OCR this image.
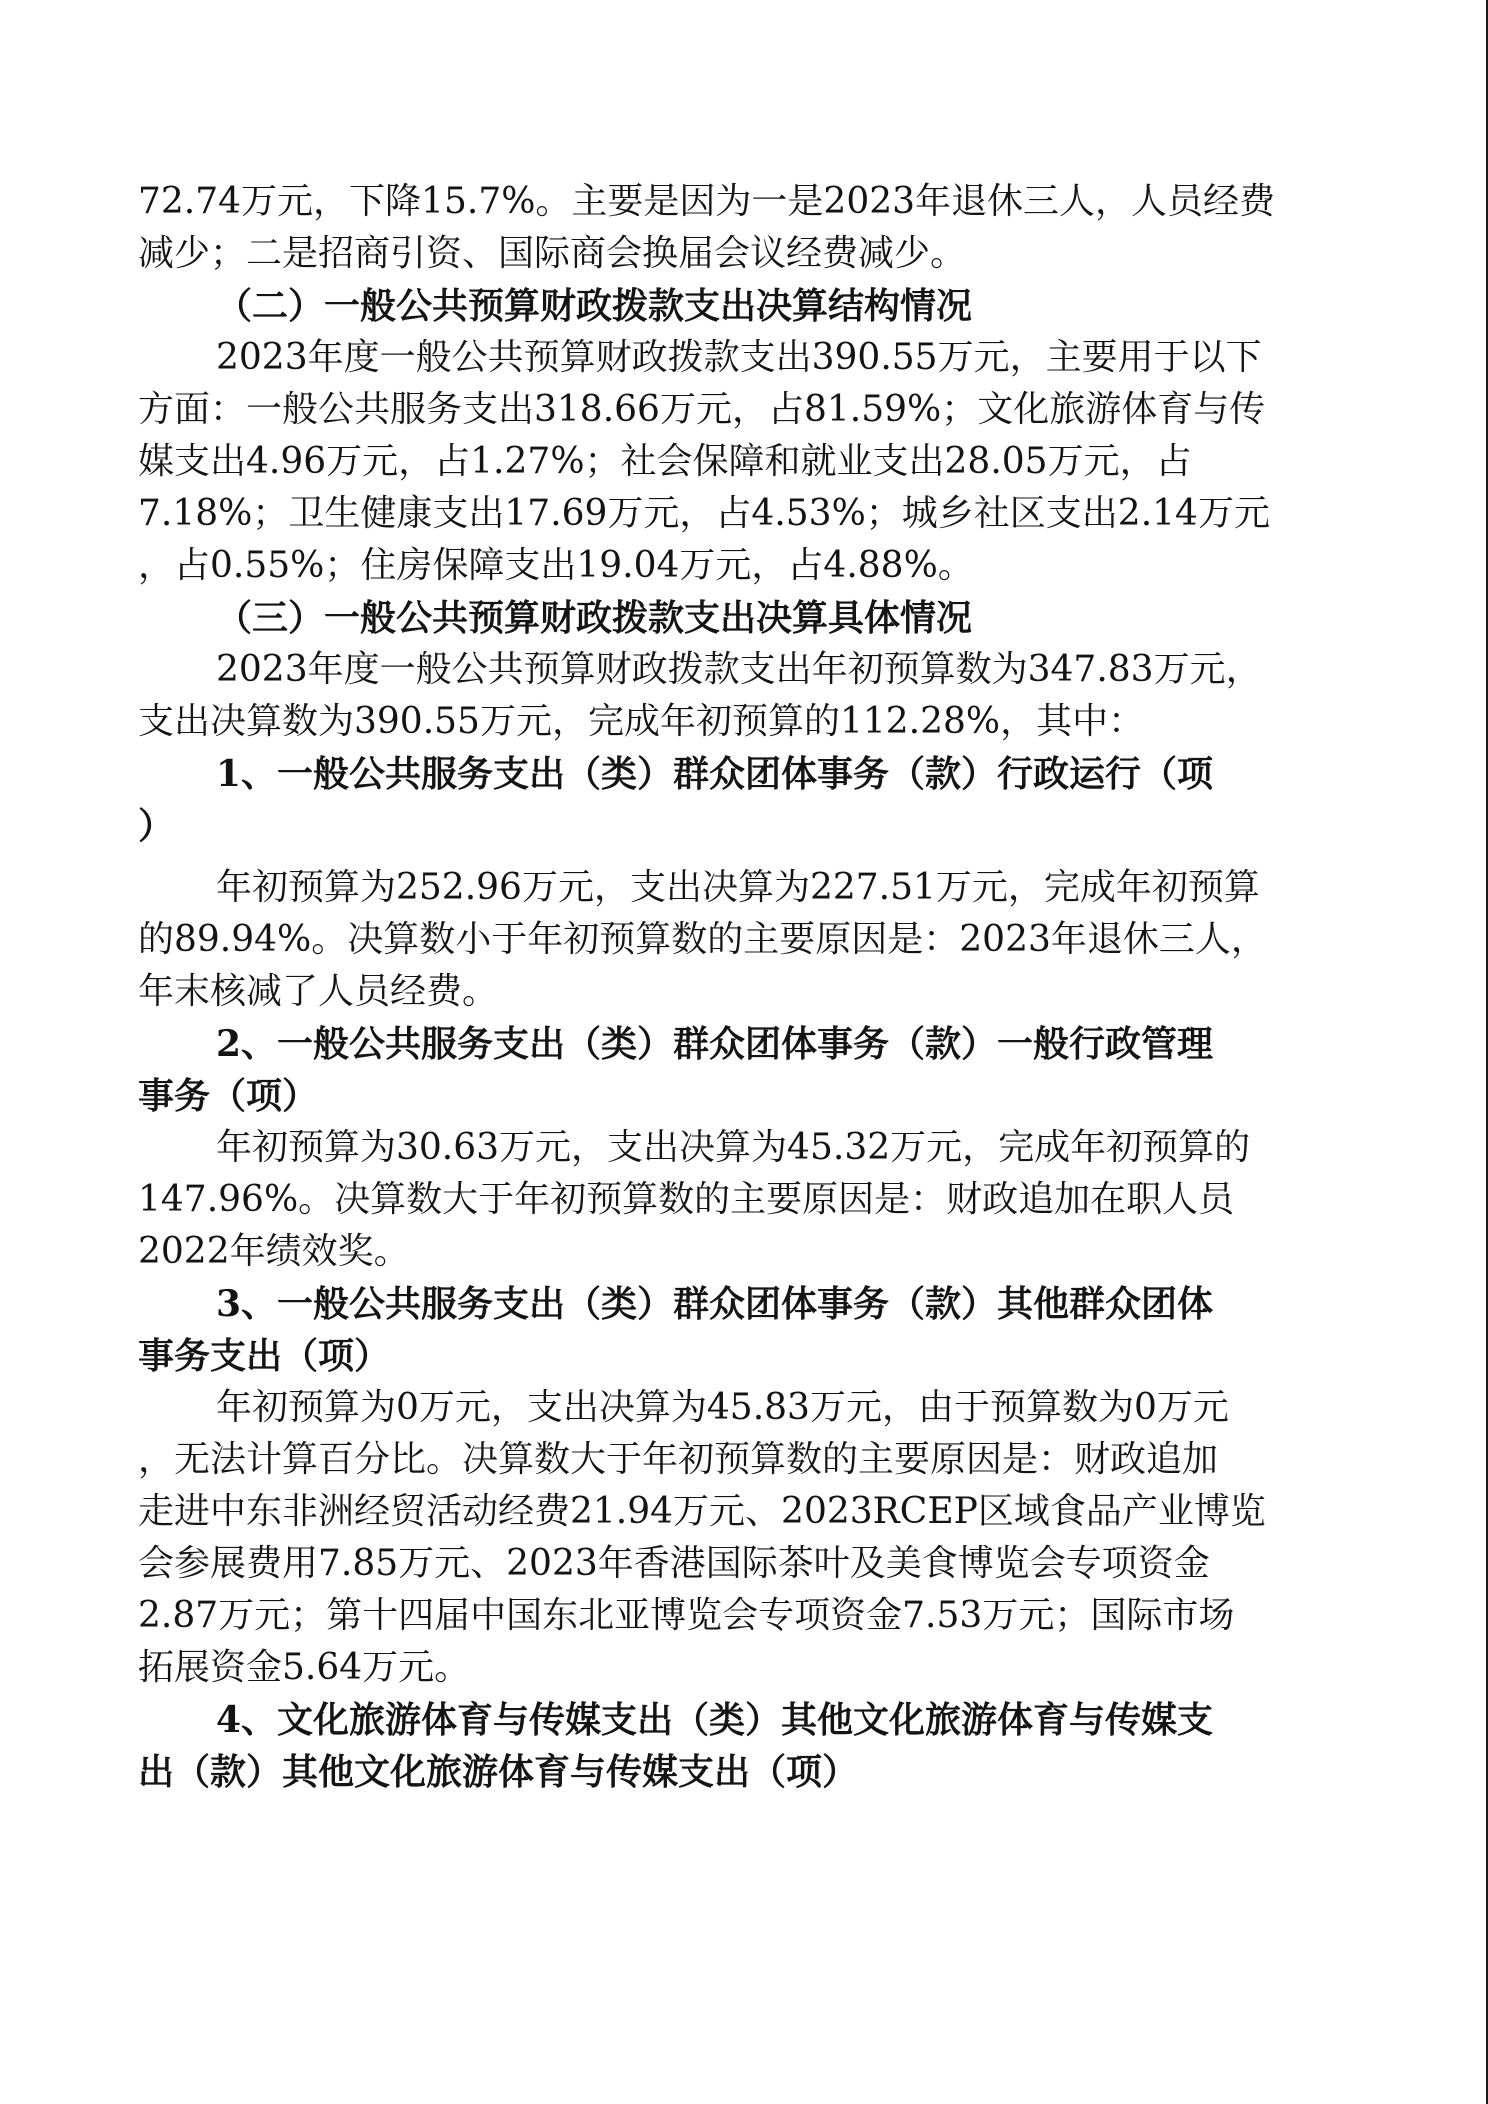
72.74万元，下降15.7%。主要是因为一是2023年退休三人，人员经费
减少；二是招商引资、国际商会换届会议经费减少。
（二）一般公共预算财政拨款支出决算结构情况
2023年度一般公共预算财政拨款支出390.55万元，主要用于以下
方面：一般公共服务支出318.66万元，占81.59%；文化旅游体育与传
媒支出4.96万元，占1.27%；社会保障和就业支出28.05万元，占
7.18%；卫生健康支出17.69万元，占4.53%；城乡社区支出2.14万元
，占0.55%；住房保障支出19.04万元，占4.88%。
（三）一般公共预算财政拨款支出决算具体情况
2023年度一般公共预算财政拨款支出年初预算数为347.83万元，
支出决算数为390.55万元，完成年初预算的112.28%，其中：
1、一般公共服务支出（类）群众团体事务（款）行政运行（项
）
年初预算为252.96万元，支出决算为227.51万元，完成年初预算
的89.94%。决算数小于年初预算数的主要原因是：2023年退休三人，
年末核减了人员经费。
2、一般公共服务支出（类）群众团体事务（款）一般行政管理
事务（项）
年初预算为30.63万元，支出决算为45.32万元，完成年初预算的
147.96%。决算数大于年初预算数的主要原因是：财政追加在职人员
2022年绩效奖。
3、一般公共服务支出（类）群众团体事务（款）其他群众团体
事务支出（项）
年初预算为0万元，支出决算为45.83万元，由于预算数为0万元
，无法计算百分比。决算数大于年初预算数的主要原因是：财政追加
走进中东非洲经贸活动经费21.94万元、2023RCEP区域食品产业博览
会参展费用7.85万元、2023年香港国际茶叶及美食博览会专项资金
2.87万元；第十四届中国东北亚博览会专项资金7.53万元；国际市场
拓展资金5.64万元。
4、文化旅游体育与传媒支出（类）其他文化旅游体育与传媒支
出（款）其他文化旅游体育与传媒支出（项）
